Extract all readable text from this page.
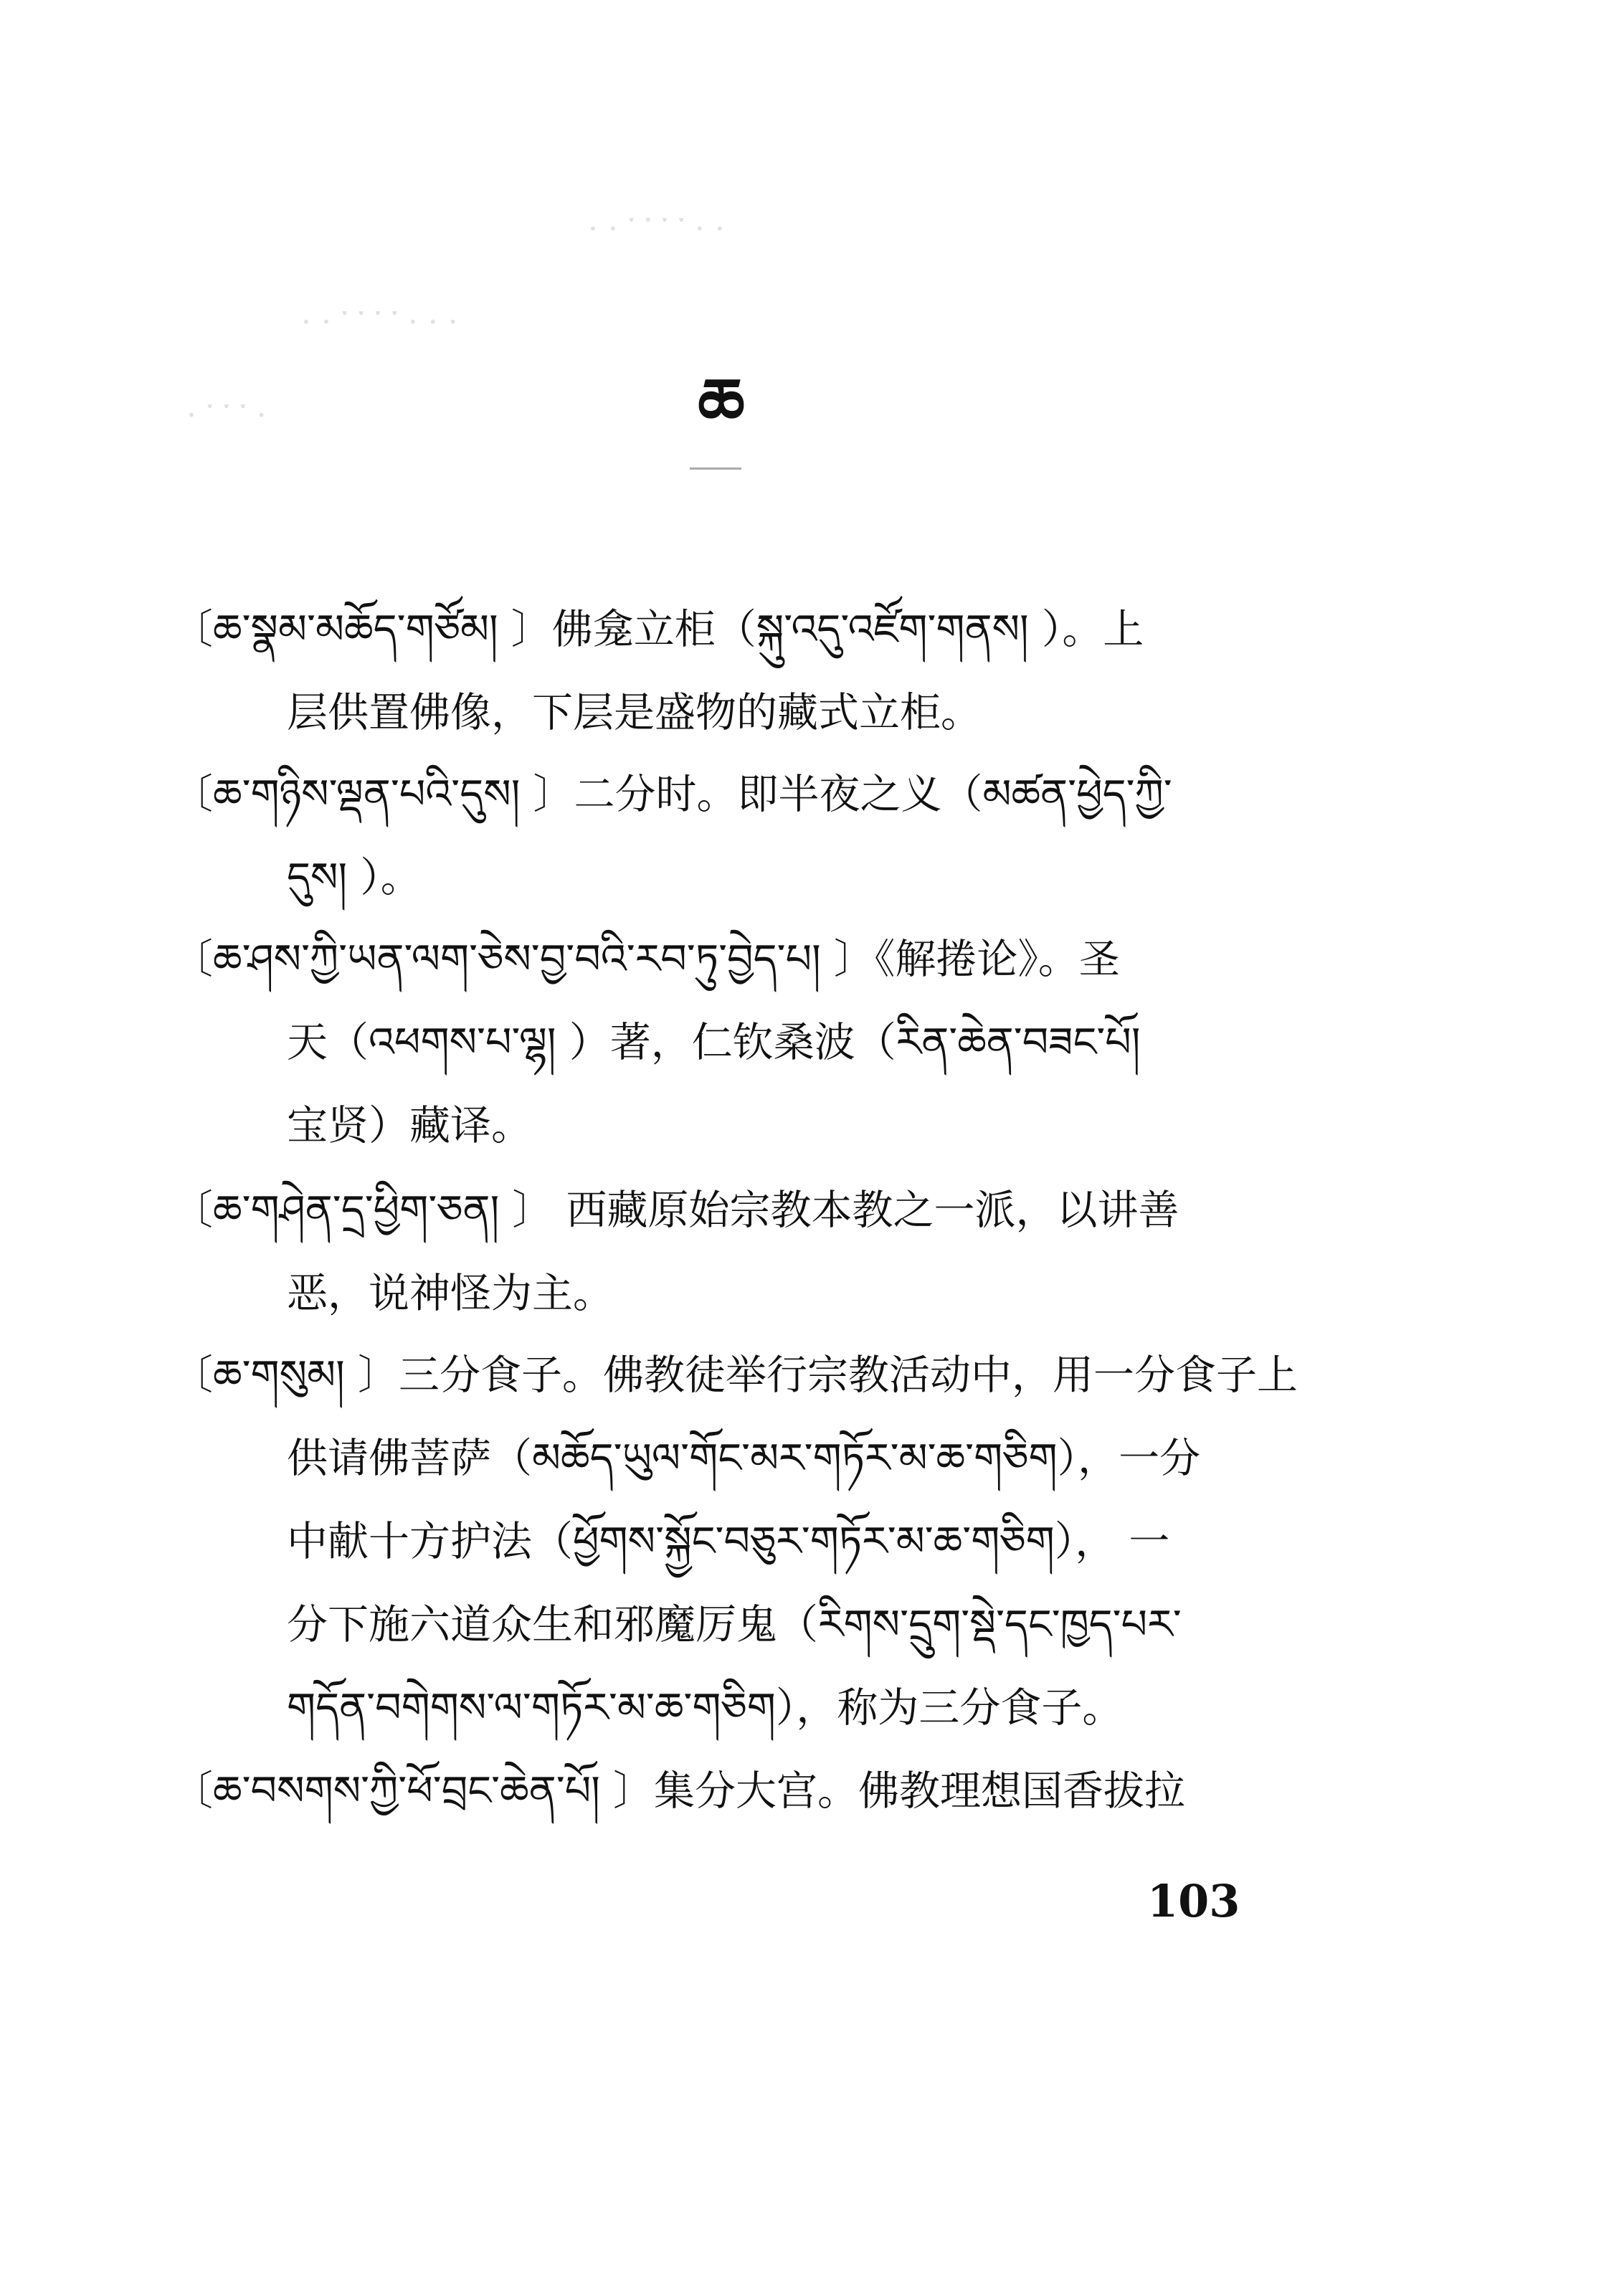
· · ་ ་ ་ ་ · ·
· · ་ ་ ་ ་ · · ·
· ་ ་ ་ ·	ཆ
〔ཆ་སྣམ་མཆོད་གཙོམ། 〕佛龛立柜（སྐུ་འདུ་འཛོག་གནས། ）。上
层供置佛像，下层是盛物的藏式立柜。
〔ཆ་གཉིས་ལྡན་པའི་དུས། 〕二分时。即半夜之义（མཚན་ཕྱེད་ཀྱི་
དུས། ）。
〔ཆ་ཤས་ཀྱི་ཡན་ལག་ཅེས་བྱ་བའི་རབ་ཏུ་བྱེད་པ། 〕《解捲论》。圣
天（འཕགས་པ་ལྷ། ）著，仁钦桑波（རིན་ཆེན་བཟང་པོ།
宝贤）藏译。
〔ཆ་གཤེན་དྲ་ཕྱིག་ཅན། 〕 西藏原始宗教本教之一派，以讲善
恶，说神怪为主。
〔ཆ་གསུམ། 〕三分食子。佛教徒举行宗教活动中，用一分食子上
供请佛菩萨（མཆོད་ཡུལ་གོང་མར་གཏོར་མ་ཆ་གཅིག），一分
中献十方护法（ཕྱོགས་སྐྱོང་བཅུར་གཏོར་མ་ཆ་གཅིག）， 一
分下施六道众生和邪魔厉鬼（རིགས་དྲུག་སྡེ་དང་ཁྱད་པར་
གདོན་བགེགས་ལ་གཏོར་མ་ཆ་གཅིག），称为三分食子。
〔ཆ་བསགས་ཀྱི་ཕོ་བྲང་ཆེན་པོ། 〕集分大宫。佛教理想国香拔拉
103
